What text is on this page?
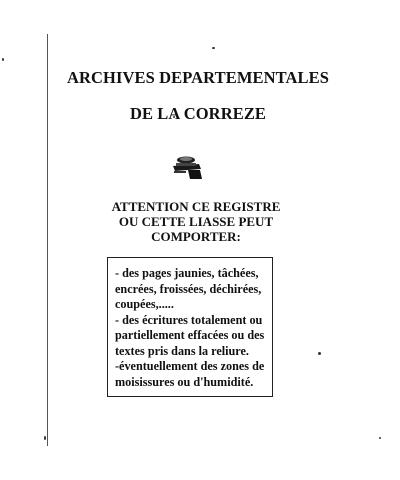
ARCHIVES DEPARTEMENTALES
DE LA CORREZE
ATTENTION CE REGISTRE
OU CETTE LIASSE PEUT
COMPORTER:
- des pages jaunies, tâchées,
encrées, froissées, déchirées,
coupées,.....
- des écritures totalement ou
partiellement effacées ou des
textes pris dans la reliure.
-éventuellement des zones de
moisissures ou d'humidité.
